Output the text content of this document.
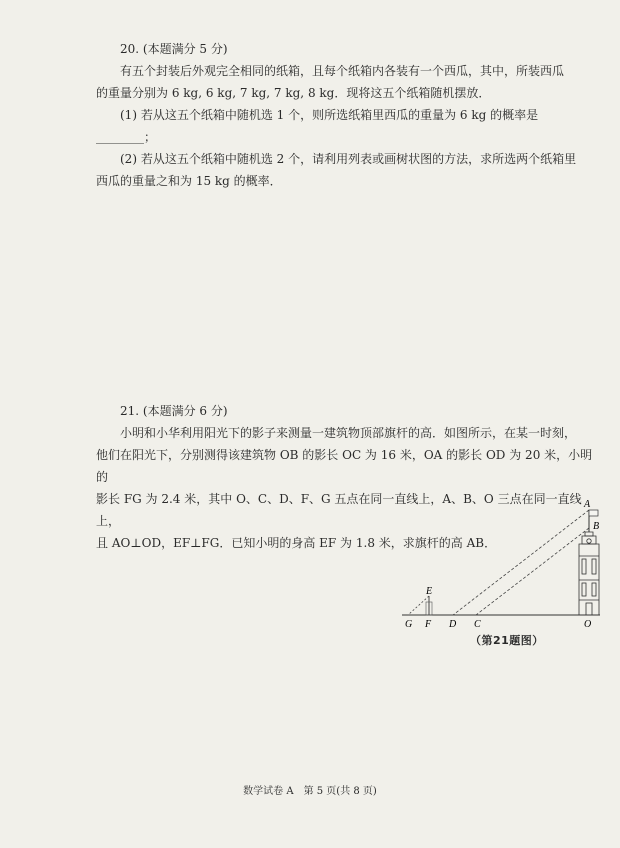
20. (本题满分 5 分)

有五个封装后外观完全相同的纸箱，且每个纸箱内各装有一个西瓜，其中，所装西瓜

的重量分别为 6 kg, 6 kg, 7 kg, 7 kg, 8 kg．现将这五个纸箱随机摆放．

(1) 若从这五个纸箱中随机选 1 个，则所选纸箱里西瓜的重量为 6 kg 的概率是________；

(2) 若从这五个纸箱中随机选 2 个，请利用列表或画树状图的方法，求所选两个纸箱里

西瓜的重量之和为 15 kg 的概率．

21. (本题满分 6 分)

小明和小华利用阳光下的影子来测量一建筑物顶部旗杆的高．如图所示，在某一时刻，

他们在阳光下，分别测得该建筑物 OB 的影长 OC 为 16 米，OA 的影长 OD 为 20 米，小明的

影长 FG 为 2.4 米，其中 O、C、D、F、G 五点在同一直线上，A、B、O 三点在同一直线上，

且 AO⊥OD，EF⊥FG．已知小明的身高 EF 为 1.8 米，求旗杆的高 AB．

A
B
E
G F D C	O
（第21题图）
数学试卷 A　第 5 页(共 8 页)
